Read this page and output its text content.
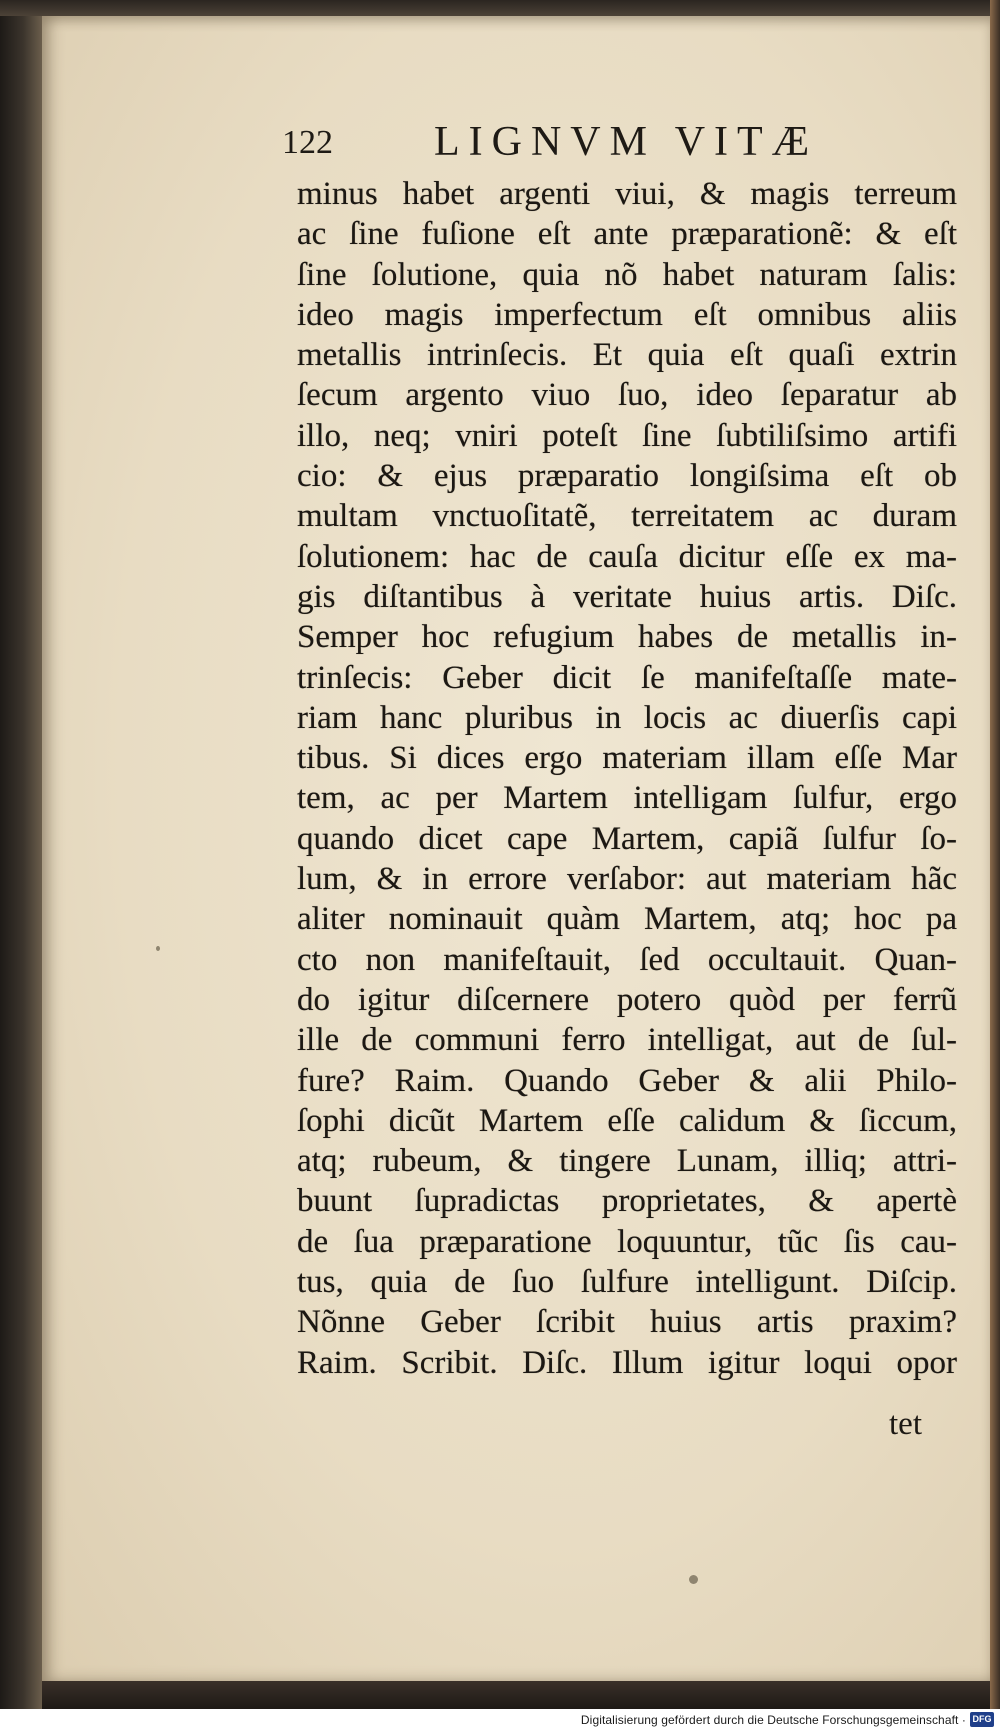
122 LIGNVM VITÆ
minus habet argenti viui, & magis terreum
ac ſine fuſione eſt ante præparationẽ: & eſt
ſine ſolutione, quia nõ habet naturam ſalis:
ideo magis imperfectum eſt omnibus aliis
metallis intrinſecis. Et quia eſt quaſi extrin
ſecum argento viuo ſuo, ideo ſeparatur ab
illo, neq; vniri poteſt ſine ſubtiliſsimo artifi
cio: & ejus præparatio longiſsima eſt ob
multam vnctuoſitatẽ, terreitatem ac duram
ſolutionem: hac de cauſa dicitur eſſe ex ma-
gis diſtantibus à veritate huius artis. Diſc.
Semper hoc refugium habes de metallis in-
trinſecis: Geber dicit ſe manifeſtaſſe mate-
riam hanc pluribus in locis ac diuerſis capi
tibus. Si dices ergo materiam illam eſſe Mar
tem, ac per Martem intelligam ſulfur, ergo
quando dicet cape Martem, capiã ſulfur ſo-
lum, & in errore verſabor: aut materiam hãc
aliter nominauit quàm Martem, atq; hoc pa
cto non manifeſtauit, ſed occultauit. Quan-
do igitur diſcernere potero quòd per ferrũ
ille de communi ferro intelligat, aut de ſul-
fure? Raim. Quando Geber & alii Philo-
ſophi dicũt Martem eſſe calidum & ſiccum,
atq; rubeum, & tingere Lunam, illiq; attri-
buunt ſupradictas proprietates, & apertè
de ſua præparatione loquuntur, tũc ſis cau-
tus, quia de ſuo ſulfure intelligunt. Diſcip.
Nõnne Geber ſcribit huius artis praxim?
Raim. Scribit. Diſc. Illum igitur loqui opor
tet
Digitalisierung gefördert durch die Deutsche Forschungsgemeinschaft · DFG
